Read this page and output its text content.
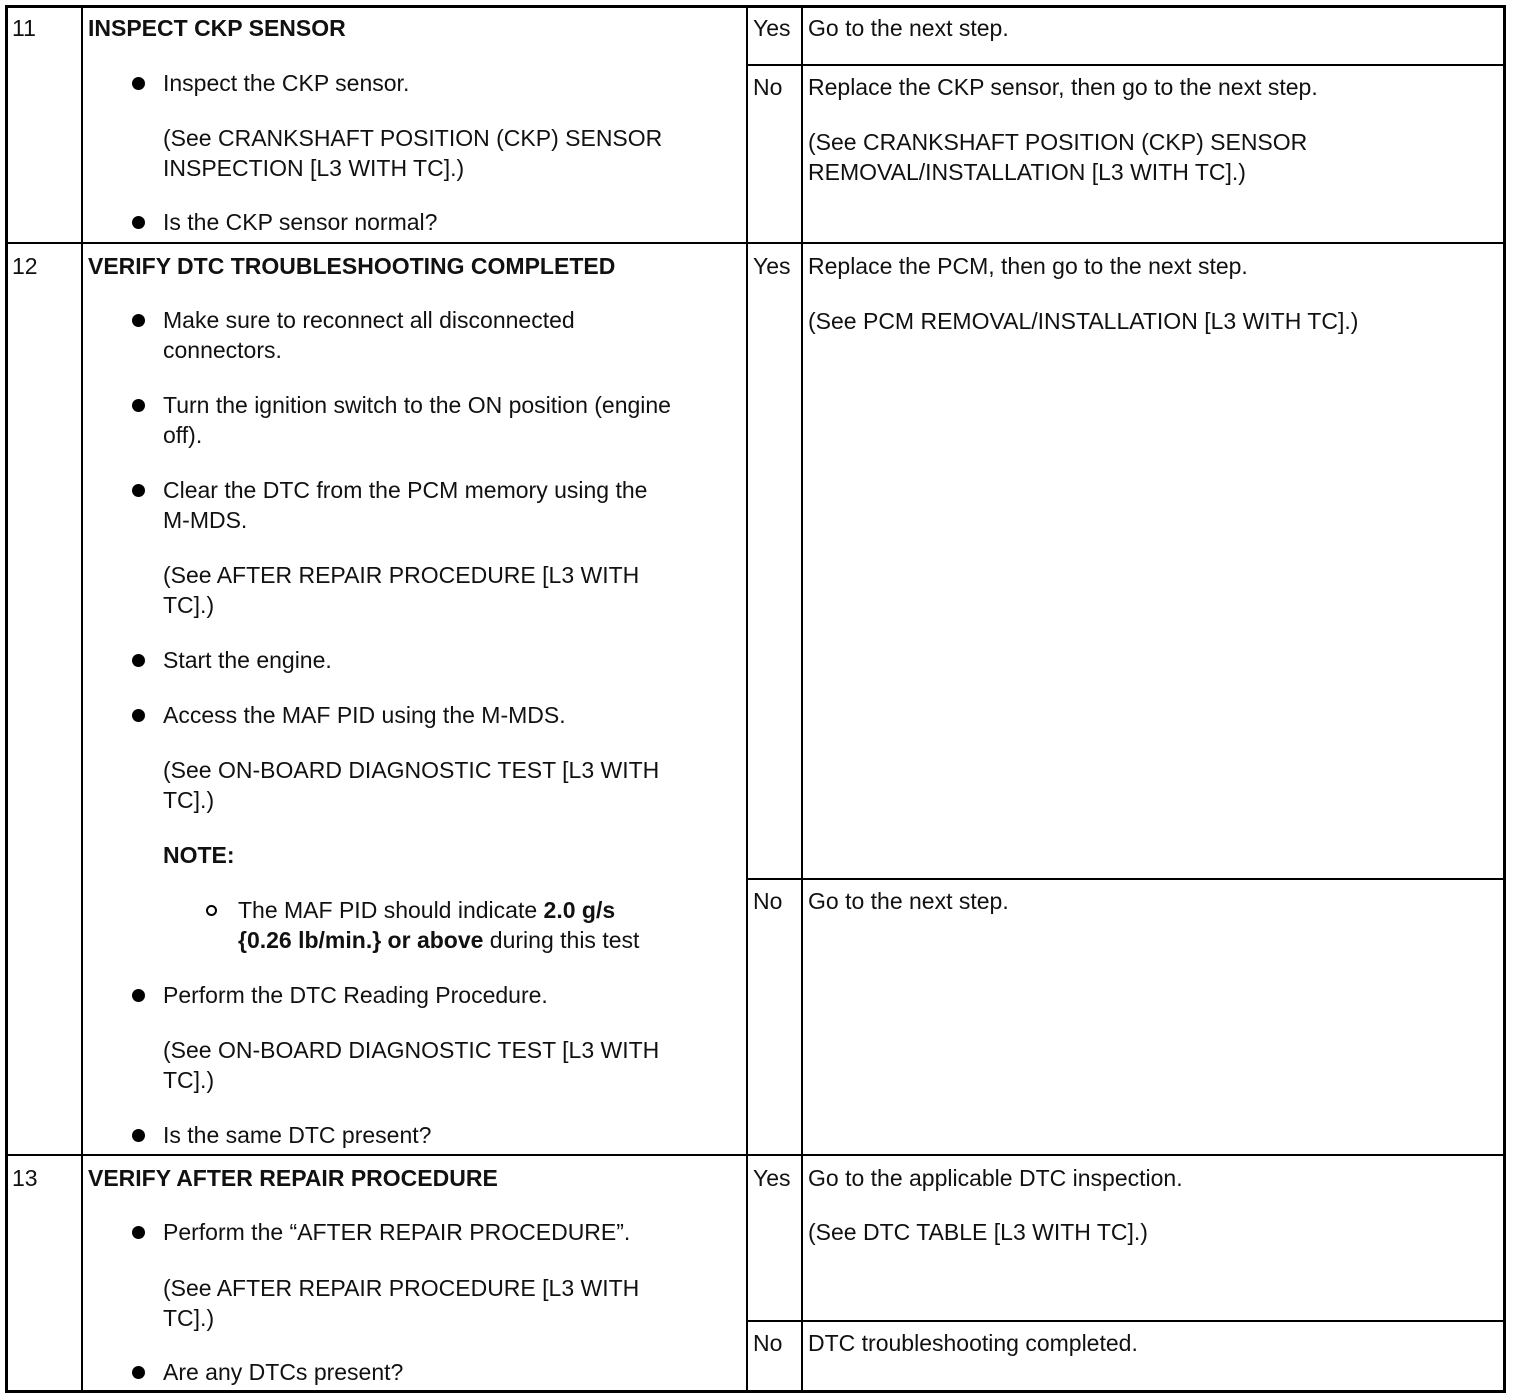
11 INSPECT CKP SENSOR
Inspect the CKP sensor.
(See CRANKSHAFT POSITION (CKP) SENSOR
INSPECTION [L3 WITH TC].)
Is the CKP sensor normal?
Yes Go to the next step.
No Replace the CKP sensor, then go to the next step.
(See CRANKSHAFT POSITION (CKP) SENSOR
REMOVAL/INSTALLATION [L3 WITH TC].)
12 VERIFY DTC TROUBLESHOOTING COMPLETED
Make sure to reconnect all disconnected
connectors.
Turn the ignition switch to the ON position (engine
off).
Clear the DTC from the PCM memory using the
M-MDS.
(See AFTER REPAIR PROCEDURE [L3 WITH
TC].)
Start the engine.
Access the MAF PID using the M-MDS.
(See ON-BOARD DIAGNOSTIC TEST [L3 WITH
TC].)
NOTE:
The MAF PID should indicate 2.0 g/s
{0.26 lb/min.} or above during this test
Perform the DTC Reading Procedure.
(See ON-BOARD DIAGNOSTIC TEST [L3 WITH
TC].)
Is the same DTC present?
Yes Replace the PCM, then go to the next step.
(See PCM REMOVAL/INSTALLATION [L3 WITH TC].)
No Go to the next step.
13 VERIFY AFTER REPAIR PROCEDURE
Perform the “AFTER REPAIR PROCEDURE”.
(See AFTER REPAIR PROCEDURE [L3 WITH
TC].)
Are any DTCs present?
Yes Go to the applicable DTC inspection.
(See DTC TABLE [L3 WITH TC].)
No DTC troubleshooting completed.
